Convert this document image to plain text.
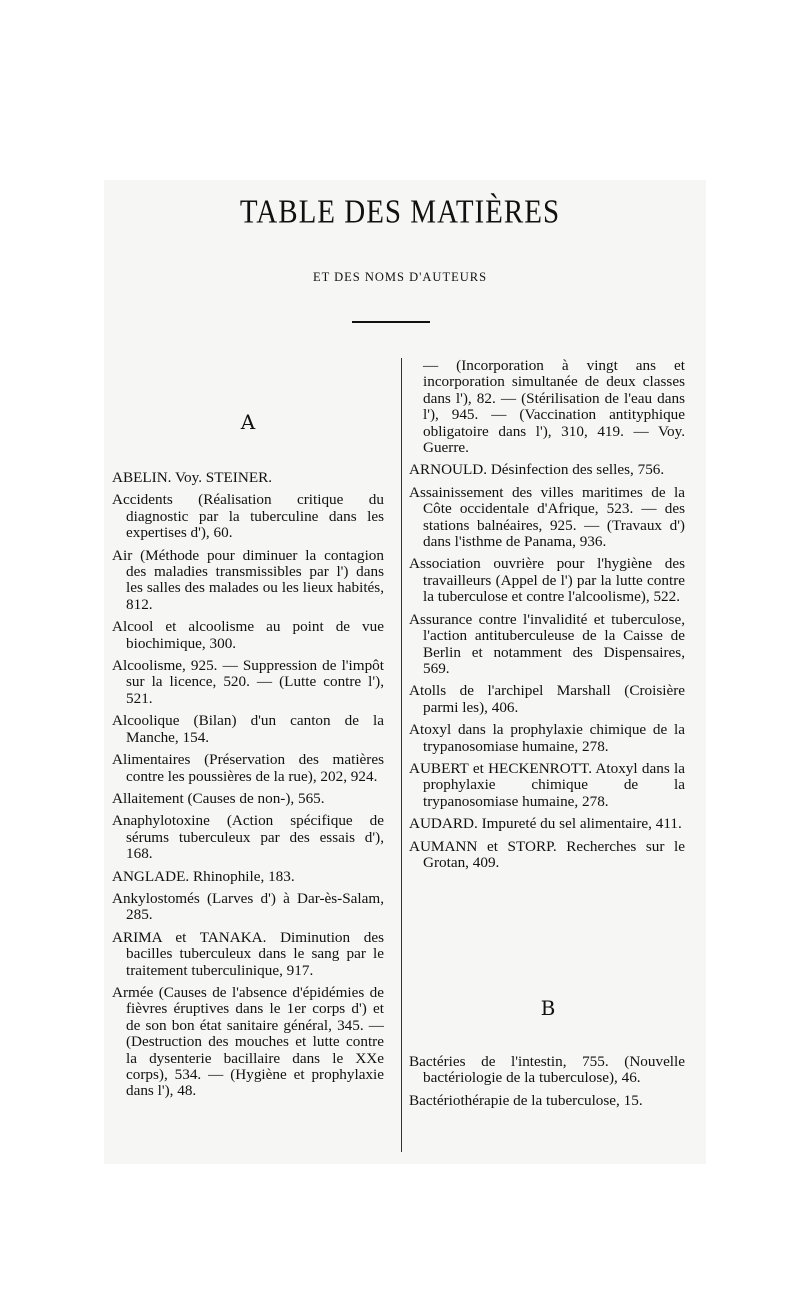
TABLE DES MATIÈRES
ET DES NOMS D'AUTEURS
A

ABELIN. Voy. STEINER.

Accidents (Réalisation critique du diagnostic par la tuberculine dans les expertises d'), 60.

Air (Méthode pour diminuer la contagion des maladies transmissibles par l') dans les salles des malades ou les lieux habités, 812.

Alcool et alcoolisme au point de vue biochimique, 300.

Alcoolisme, 925. — Suppression de l'impôt sur la licence, 520. — (Lutte contre l'), 521.

Alcoolique (Bilan) d'un canton de la Manche, 154.

Alimentaires (Préservation des matières contre les poussières de la rue), 202, 924.

Allaitement (Causes de non-), 565.

Anaphylotoxine (Action spécifique de sérums tuberculeux par des essais d'), 168.

ANGLADE. Rhinophile, 183.

Ankylostomés (Larves d') à Dar-ès-Salam, 285.

ARIMA et TANAKA. Diminution des bacilles tuberculeux dans le sang par le traitement tuberculinique, 917.

Armée (Causes de l'absence d'épidémies de fièvres éruptives dans le 1er corps d') et de son bon état sanitaire général, 345. — (Destruction des mouches et lutte contre la dysenterie bacillaire dans le XXe corps), 534. — (Hygiène et prophylaxie dans l'), 48.

— (Incorporation à vingt ans et incorporation simultanée de deux classes dans l'), 82. — (Stérilisation de l'eau dans l'), 945. — (Vaccination antityphique obligatoire dans l'), 310, 419. — Voy. Guerre.

ARNOULD. Désinfection des selles, 756.

Assainissement des villes maritimes de la Côte occidentale d'Afrique, 523. — des stations balnéaires, 925. — (Travaux d') dans l'isthme de Panama, 936.

Association ouvrière pour l'hygiène des travailleurs (Appel de l') par la lutte contre la tuberculose et contre l'alcoolisme), 522.

Assurance contre l'invalidité et tuberculose, l'action antituberculeuse de la Caisse de Berlin et notamment des Dispensaires, 569.

Atolls de l'archipel Marshall (Croisière parmi les), 406.

Atoxyl dans la prophylaxie chimique de la trypanosomiase humaine, 278.

AUBERT et HECKENROTT. Atoxyl dans la prophylaxie chimique de la trypanosomiase humaine, 278.

AUDARD. Impureté du sel alimentaire, 411.

AUMANN et STORP. Recherches sur le Grotan, 409.

B

Bactéries de l'intestin, 755. (Nouvelle bactériologie de la tuberculose), 46.

Bactériothérapie de la tuberculose, 15.
